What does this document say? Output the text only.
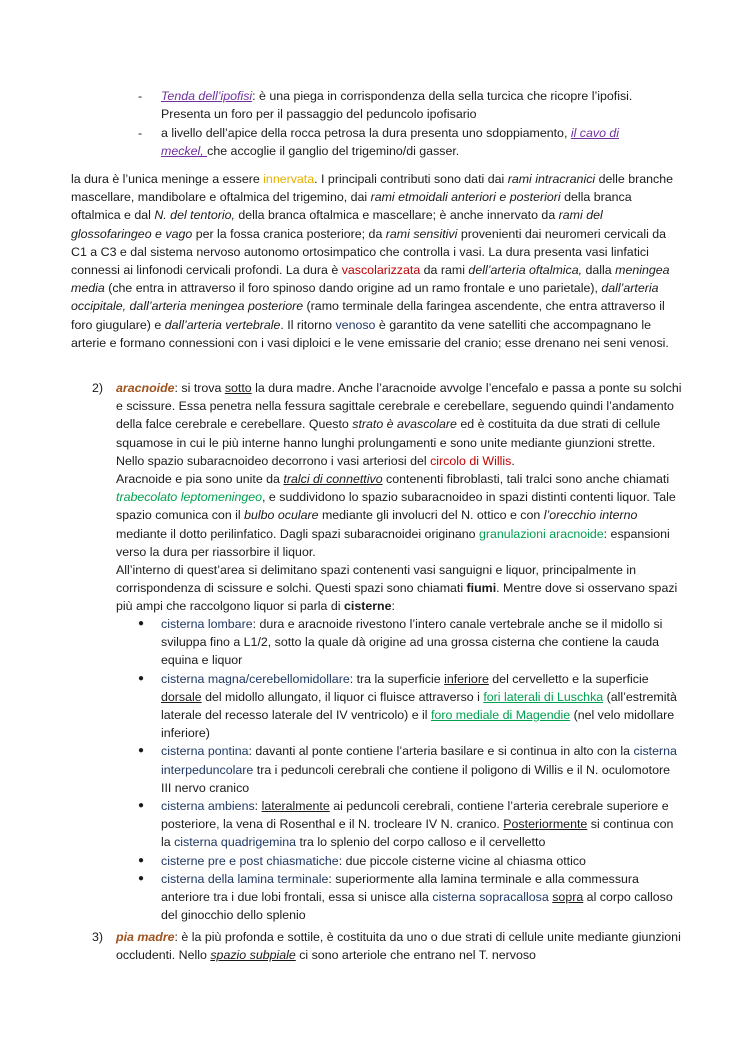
- Tenda dell’ipofisi: è una piega in corrispondenza della sella turcica che ricopre l’ipofisi. Presenta un foro per il passaggio del peduncolo ipofisario
- a livello dell’apice della rocca petrosa la dura presenta uno sdoppiamento, il cavo di meckel, che accoglie il ganglio del trigemino/di gasser.
la dura è l’unica meninge a essere innervata. I principali contributi sono dati dai rami intracranici delle branche mascellare, mandibolare e oftalmica del trigemino, dai rami etmoidali anteriori e posteriori della branca oftalmica e dal N. del tentorio, della branca oftalmica e mascellare; è anche innervato da rami del glossofaringeo e vago per la fossa cranica posteriore; da rami sensitivi provenienti dai neuromeri cervicali da C1 a C3 e dal sistema nervoso autonomo ortosimpatico che controlla i vasi. La dura presenta vasi linfatici connessi ai linfonodi cervicali profondi. La dura è vascolarizzata da rami dell’arteria oftalmica, dalla meningea media (che entra in attraverso il foro spinoso dando origine ad un ramo frontale e uno parietale), dall’arteria occipitale, dall’arteria meningea posteriore (ramo terminale della faringea ascendente, che entra attraverso il foro giugulare) e dall’arteria vertebrale. Il ritorno venoso è garantito da vene satelliti che accompagnano le arterie e formano connessioni con i vasi diploici e le vene emissarie del cranio; esse drenano nei seni venosi.
2) aracnoide: si trova sotto la dura madre. Anche l’aracnoide avvolge l’encefalo e passa a ponte su solchi e scissure. Essa penetra nella fessura sagittale cerebrale e cerebellare, seguendo quindi l’andamento della falce cerebrale e cerebellare. Questo strato è avascolare ed è costituita da due strati di cellule squamose in cui le più interne hanno lunghi prolungamenti e sono unite mediante giunzioni strette. Nello spazio subaracnoideo decorrono i vasi arteriosi del circolo di Willis.
Aracnoide e pia sono unite da tralci di connettivo contenenti fibroblasti, tali tralci sono anche chiamati trabecolato leptomeningeo, e suddividono lo spazio subaracnoideo in spazi distinti contenti liquor. Tale spazio comunica con il bulbo oculare mediante gli involucri del N. ottico e con l’orecchio interno mediante il dotto perilinfatico. Dagli spazi subaracnoidei originano granulazioni aracnoide: espansioni verso la dura per riassorbire il liquor.
All’interno di quest’area si delimitano spazi contenenti vasi sanguigni e liquor, principalmente in corrispondenza di scissure e solchi. Questi spazi sono chiamati fiumi. Mentre dove si osservano spazi più ampi che raccolgono liquor si parla di cisterne:
● cisterna lombare: dura e aracnoide rivestono l’intero canale vertebrale anche se il midollo si sviluppa fino a L1/2, sotto la quale dà origine ad una grossa cisterna che contiene la cauda equina e liquor
● cisterna magna/cerebellomidollare: tra la superficie inferiore del cervelletto e la superficie dorsale del midollo allungato, il liquor ci fluisce attraverso i fori laterali di Luschka (all’estremità laterale del recesso laterale del IV ventricolo) e il foro mediale di Magendie (nel velo midollare inferiore)
● cisterna pontina: davanti al ponte contiene l’arteria basilare e si continua in alto con la cisterna interpeduncolare tra i peduncoli cerebrali che contiene il poligono di Willis e il N. oculomotore III nervo cranico
● cisterna ambiens: lateralmente ai peduncoli cerebrali, contiene l’arteria cerebrale superiore e posteriore, la vena di Rosenthal e il N. trocleare IV N. cranico. Posteriormente si continua con la cisterna quadrigemina tra lo splenio del corpo calloso e il cervelletto
● cisterne pre e post chiasmatiche: due piccole cisterne vicine al chiasma ottico
● cisterna della lamina terminale: superiormente alla lamina terminale e alla commessura anteriore tra i due lobi frontali, essa si unisce alla cisterna sopracallosa sopra al corpo calloso del ginocchio dello splenio
3) pia madre: è la più profonda e sottile, è costituita da uno o due strati di cellule unite mediante giunzioni occludenti. Nello spazio subpiale ci sono arteriole che entrano nel T. nervoso
